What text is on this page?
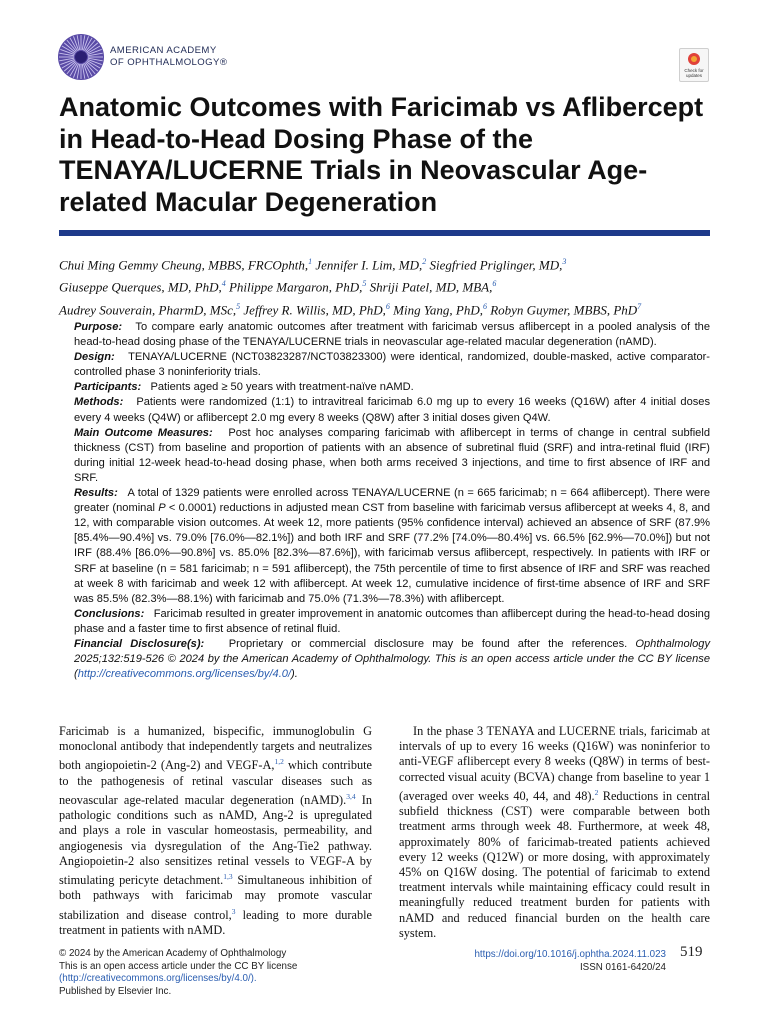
AMERICAN ACADEMY
OF OPHTHALMOLOGY®
Check for
updates
Anatomic Outcomes with Faricimab vs Aflibercept in Head-to-Head Dosing Phase of the TENAYA/LUCERNE Trials in Neovascular Age-related Macular Degeneration
Chui Ming Gemmy Cheung, MBBS, FRCOphth,$^1$ Jennifer I. Lim, MD,$^2$ Siegfried Priglinger, MD,$^3$
Giuseppe Querques, MD, PhD,$^4$ Philippe Margaron, PhD,$^5$ Shriji Patel, MD, MBA,$^6$
Audrey Souverain, PharmD, MSc,$^5$ Jeffrey R. Willis, MD, PhD,$^6$ Ming Yang, PhD,$^6$ Robyn Guymer, MBBS, PhD$^7$

Purpose: To compare early anatomic outcomes after treatment with faricimab versus aflibercept in a pooled analysis of the head-to-head dosing phase of the TENAYA/LUCERNE trials in neovascular age-related macular degeneration (nAMD).

Design: TENAYA/LUCERNE (NCT03823287/NCT03823300) were identical, randomized, double-masked, active comparator-controlled phase 3 noninferiority trials.

Participants: Patients aged ≥ 50 years with treatment-naïve nAMD.

Methods: Patients were randomized (1:1) to intravitreal faricimab 6.0 mg up to every 16 weeks (Q16W) after 4 initial doses every 4 weeks (Q4W) or aflibercept 2.0 mg every 8 weeks (Q8W) after 3 initial doses given Q4W.

Main Outcome Measures: Post hoc analyses comparing faricimab with aflibercept in terms of change in central subfield thickness (CST) from baseline and proportion of patients with an absence of subretinal fluid (SRF) and intra-retinal fluid (IRF) during initial 12-week head-to-head dosing phase, when both arms received 3 injections, and time to first absence of IRF and SRF.

Results: A total of 1329 patients were enrolled across TENAYA/LUCERNE (n = 665 faricimab; n = 664 aflibercept). There were greater (nominal P < 0.0001) reductions in adjusted mean CST from baseline with faricimab versus aflibercept at weeks 4, 8, and 12, with comparable vision outcomes. At week 12, more patients (95% confidence interval) achieved an absence of SRF (87.9% [85.4%—90.4%] vs. 79.0% [76.0%—82.1%]) and both IRF and SRF (77.2% [74.0%—80.4%] vs. 66.5% [62.9%—70.0%]) but not IRF (88.4% [86.0%—90.8%] vs. 85.0% [82.3%—87.6%]), with faricimab versus aflibercept, respectively. In patients with IRF or SRF at baseline (n = 581 faricimab; n = 591 aflibercept), the 75th percentile of time to first absence of IRF and SRF was reached at week 8 with faricimab and week 12 with aflibercept. At week 12, cumulative incidence of first-time absence of IRF and SRF was 85.5% (82.3%—88.1%) with faricimab and 75.0% (71.3%—78.3%) with aflibercept.

Conclusions: Faricimab resulted in greater improvement in anatomic outcomes than aflibercept during the head-to-head dosing phase and a faster time to first absence of retinal fluid.

Financial Disclosure(s): Proprietary or commercial disclosure may be found after the references. Ophthalmology 2025;132:519-526 © 2024 by the American Academy of Ophthalmology. This is an open access article under the CC BY license (http://creativecommons.org/licenses/by/4.0/).

Faricimab is a humanized, bispecific, immunoglobulin G monoclonal antibody that independently targets and neutralizes both angiopoietin-2 (Ang-2) and VEGF-A,$^{1,2}$ which contribute to the pathogenesis of retinal vascular diseases such as neovascular age-related macular degeneration (nAMD).$^{3,4}$ In pathologic conditions such as nAMD, Ang-2 is upregulated and plays a role in vascular homeostasis, permeability, and angiogenesis via dysregulation of the Ang-Tie2 pathway. Angiopoietin-2 also sensitizes retinal vessels to VEGF-A by stimulating pericyte detachment.$^{1,3}$ Simultaneous inhibition of both pathways with faricimab may promote vascular stabilization and disease control,$^3$ leading to more durable treatment in patients with nAMD.

In the phase 3 TENAYA and LUCERNE trials, faricimab at intervals of up to every 16 weeks (Q16W) was noninferior to anti-VEGF aflibercept every 8 weeks (Q8W) in terms of best-corrected visual acuity (BCVA) change from baseline to year 1 (averaged over weeks 40, 44, and 48).$^2$ Reductions in central subfield thickness (CST) were comparable between both treatment arms through week 48. Furthermore, at week 48, approximately 80% of faricimab-treated patients achieved every 12 weeks (Q12W) or more dosing, with approximately 45% on Q16W dosing. The potential of faricimab to extend treatment intervals while maintaining efficacy could result in meaningfully reduced treatment burden for patients with nAMD and reduced financial burden on the health care system.

© 2024 by the American Academy of Ophthalmology
This is an open access article under the CC BY license
(http://creativecommons.org/licenses/by/4.0/).
Published by Elsevier Inc.
https://doi.org/10.1016/j.ophtha.2024.11.023
ISSN 0161-6420/24
519
